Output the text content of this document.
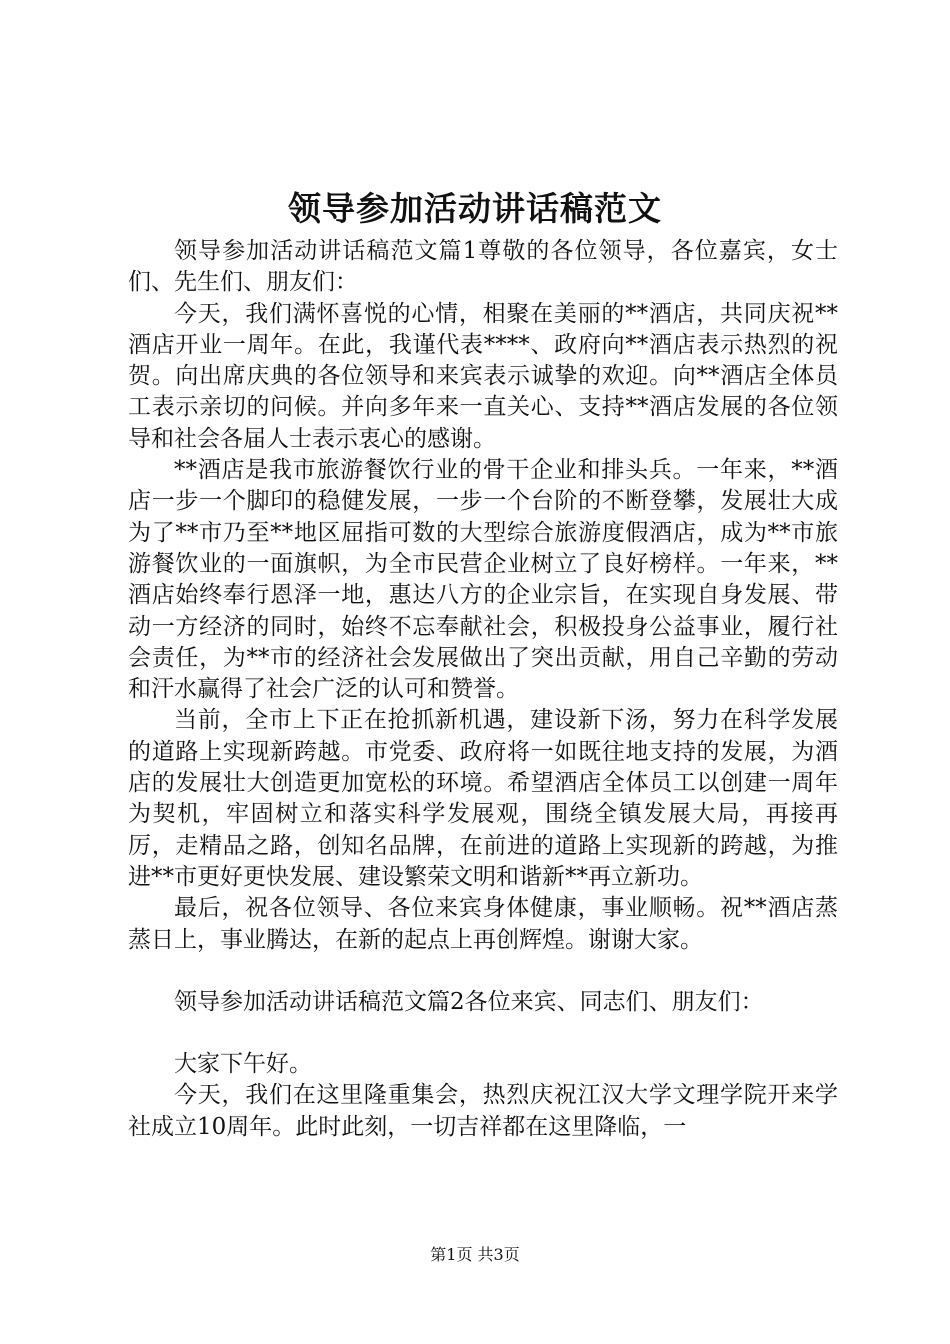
领导参加活动讲话稿范文

领导参加活动讲话稿范文篇1尊敬的各位领导，各位嘉宾，女士们、先生们、朋友们：

今天，我们满怀喜悦的心情，相聚在美丽的**酒店，共同庆祝**酒店开业一周年。在此，我谨代表****、政府向**酒店表示热烈的祝贺。向出席庆典的各位领导和来宾表示诚挚的欢迎。向**酒店全体员工表示亲切的问候。并向多年来一直关心、支持**酒店发展的各位领导和社会各届人士表示衷心的感谢。

**酒店是我市旅游餐饮行业的骨干企业和排头兵。一年来，**酒店一步一个脚印的稳健发展，一步一个台阶的不断登攀，发展壮大成为了**市乃至**地区屈指可数的大型综合旅游度假酒店，成为**市旅游餐饮业的一面旗帜，为全市民营企业树立了良好榜样。一年来，**酒店始终奉行恩泽一地，惠达八方的企业宗旨，在实现自身发展、带动一方经济的同时，始终不忘奉献社会，积极投身公益事业，履行社会责任，为**市的经济社会发展做出了突出贡献，用自己辛勤的劳动和汗水赢得了社会广泛的认可和赞誉。

当前，全市上下正在抢抓新机遇，建设新下汤，努力在科学发展的道路上实现新跨越。市党委、政府将一如既往地支持的发展，为酒店的发展壮大创造更加宽松的环境。希望酒店全体员工以创建一周年为契机，牢固树立和落实科学发展观，围绕全镇发展大局，再接再厉，走精品之路，创知名品牌，在前进的道路上实现新的跨越，为推进**市更好更快发展、建设繁荣文明和谐新**再立新功。

最后，祝各位领导、各位来宾身体健康，事业顺畅。祝**酒店蒸蒸日上，事业腾达，在新的起点上再创辉煌。谢谢大家。

领导参加活动讲话稿范文篇2各位来宾、同志们、朋友们：

大家下午好。

今天，我们在这里隆重集会，热烈庆祝江汉大学文理学院开来学社成立10周年。此时此刻，一切吉祥都在这里降临，一

第1页 共3页
